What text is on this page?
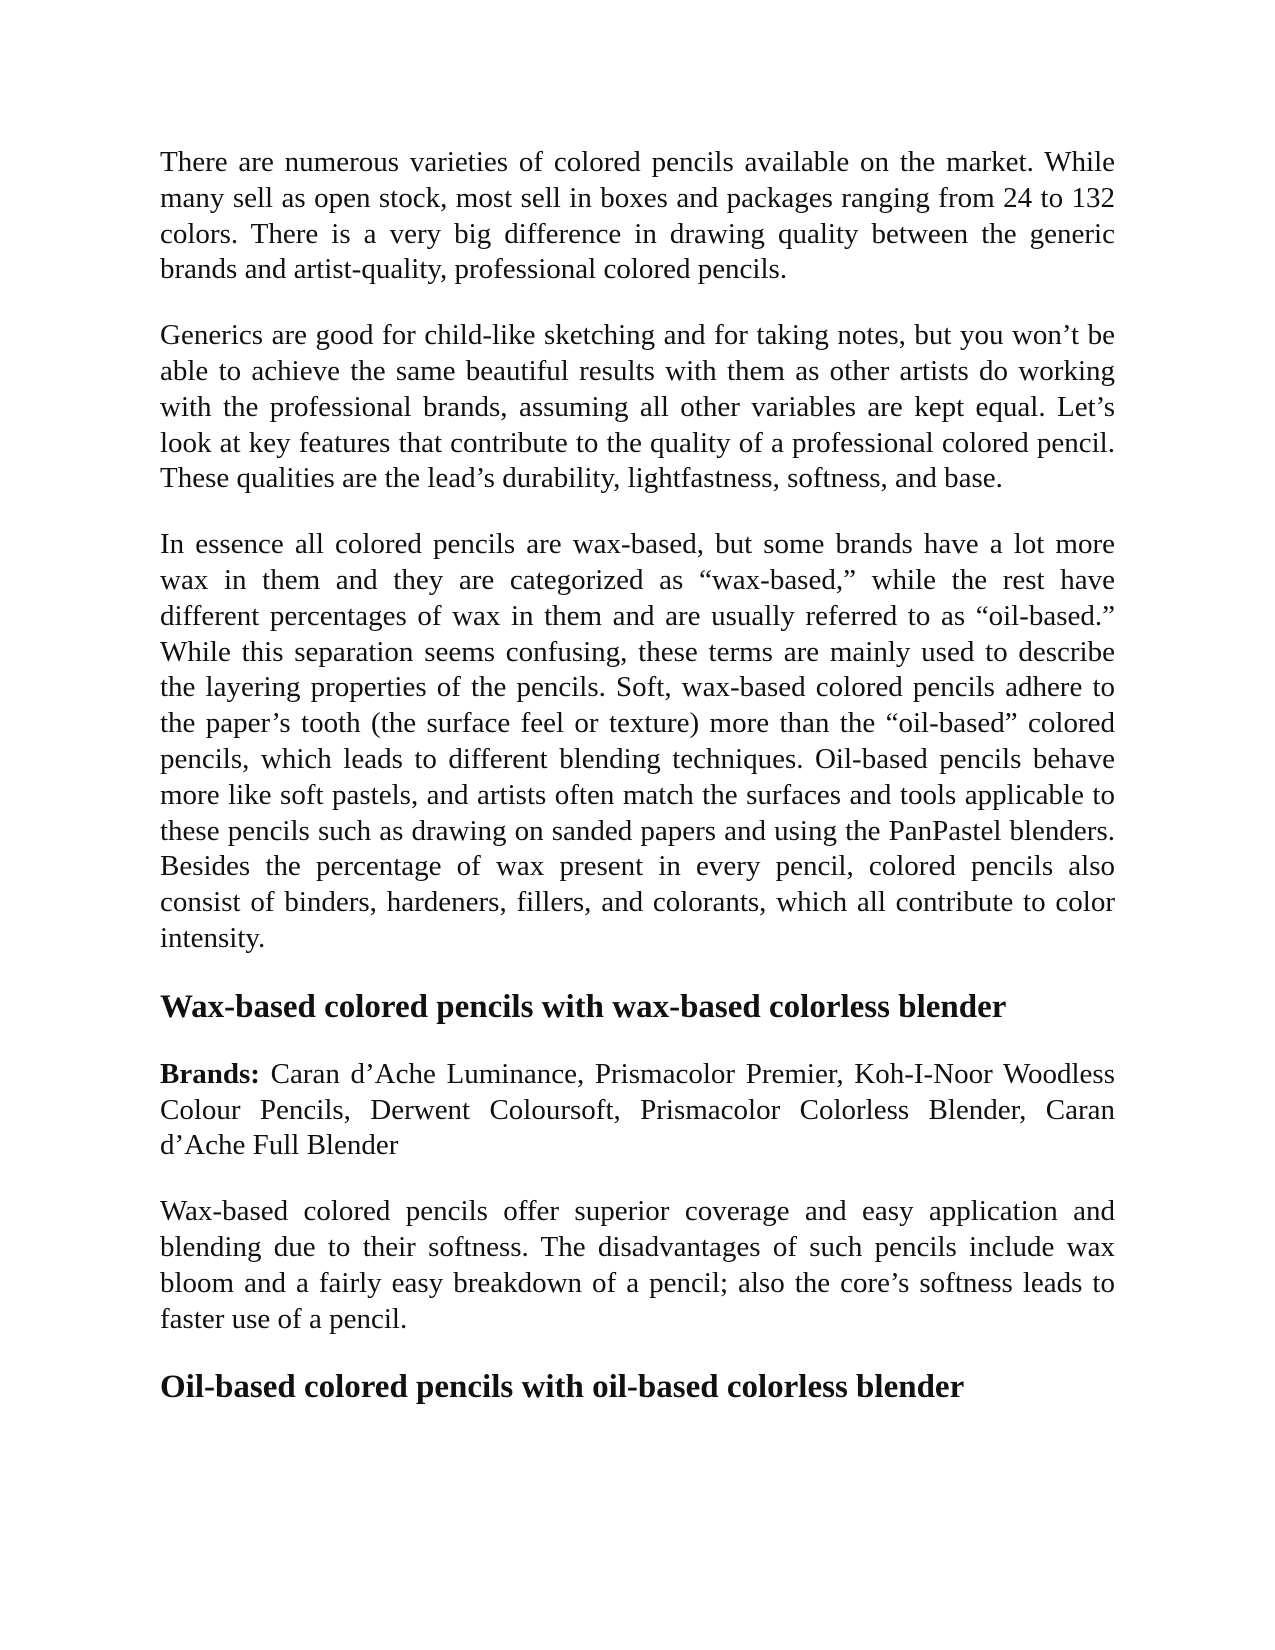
There are numerous varieties of colored pencils available on the market. While many sell as open stock, most sell in boxes and packages ranging from 24 to 132 colors. There is a very big difference in drawing quality between the generic brands and artist-quality, professional colored pencils.

Generics are good for child-like sketching and for taking notes, but you won’t be able to achieve the same beautiful results with them as other artists do working with the professional brands, assuming all other variables are kept equal. Let’s look at key features that contribute to the quality of a professional colored pencil. These qualities are the lead’s durability, lightfastness, softness, and base.

In essence all colored pencils are wax-based, but some brands have a lot more wax in them and they are categorized as “wax-based,” while the rest have different percentages of wax in them and are usually referred to as “oil-based.” While this separation seems confusing, these terms are mainly used to describe the layering properties of the pencils. Soft, wax-based colored pencils adhere to the paper’s tooth (the surface feel or texture) more than the “oil-based” colored pencils, which leads to different blending techniques. Oil-based pencils behave more like soft pastels, and artists often match the surfaces and tools applicable to these pencils such as drawing on sanded papers and using the PanPastel blenders. Besides the percentage of wax present in every pencil, colored pencils also consist of binders, hardeners, fillers, and colorants, which all contribute to color intensity.

Wax-based colored pencils with wax-based colorless blender

Brands: Caran d’Ache Luminance, Prismacolor Premier, Koh-I-Noor Woodless Colour Pencils, Derwent Coloursoft, Prismacolor Colorless Blender, Caran d’Ache Full Blender

Wax-based colored pencils offer superior coverage and easy application and blending due to their softness. The disadvantages of such pencils include wax bloom and a fairly easy breakdown of a pencil; also the core’s softness leads to faster use of a pencil.

Oil-based colored pencils with oil-based colorless blender
